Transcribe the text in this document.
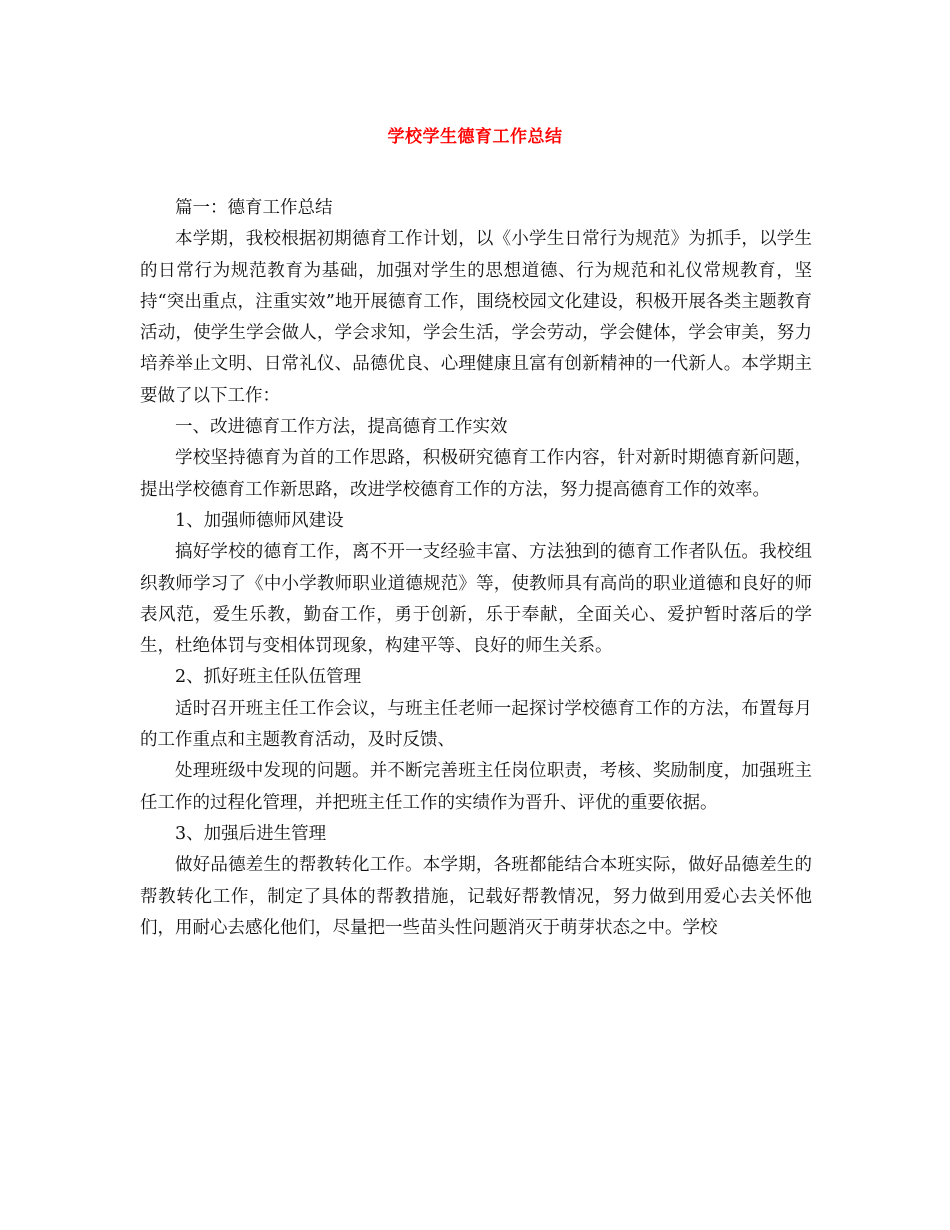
学校学生德育工作总结

篇一：德育工作总结

本学期，我校根据初期德育工作计划，以《小学生日常行为规范》为抓手，以学生的日常行为规范教育为基础，加强对学生的思想道德、行为规范和礼仪常规教育，坚持“突出重点，注重实效”地开展德育工作，围绕校园文化建设，积极开展各类主题教育活动，使学生学会做人，学会求知，学会生活，学会劳动，学会健体，学会审美，努力培养举止文明、日常礼仪、品德优良、心理健康且富有创新精神的一代新人。本学期主要做了以下工作：

一、改进德育工作方法，提高德育工作实效

学校坚持德育为首的工作思路，积极研究德育工作内容，针对新时期德育新问题，提出学校德育工作新思路，改进学校德育工作的方法，努力提高德育工作的效率。

1、加强师德师风建设

搞好学校的德育工作，离不开一支经验丰富、方法独到的德育工作者队伍。我校组织教师学习了《中小学教师职业道德规范》等，使教师具有高尚的职业道德和良好的师表风范，爱生乐教，勤奋工作，勇于创新，乐于奉献，全面关心、爱护暂时落后的学生，杜绝体罚与变相体罚现象，构建平等、良好的师生关系。

2、抓好班主任队伍管理

适时召开班主任工作会议，与班主任老师一起探讨学校德育工作的方法，布置每月的工作重点和主题教育活动，及时反馈、

处理班级中发现的问题。并不断完善班主任岗位职责，考核、奖励制度，加强班主任工作的过程化管理，并把班主任工作的实绩作为晋升、评优的重要依据。

3、加强后进生管理

做好品德差生的帮教转化工作。本学期，各班都能结合本班实际，做好品德差生的帮教转化工作，制定了具体的帮教措施，记载好帮教情况，努力做到用爱心去关怀他们，用耐心去感化他们，尽量把一些苗头性问题消灭于萌芽状态之中。学校
